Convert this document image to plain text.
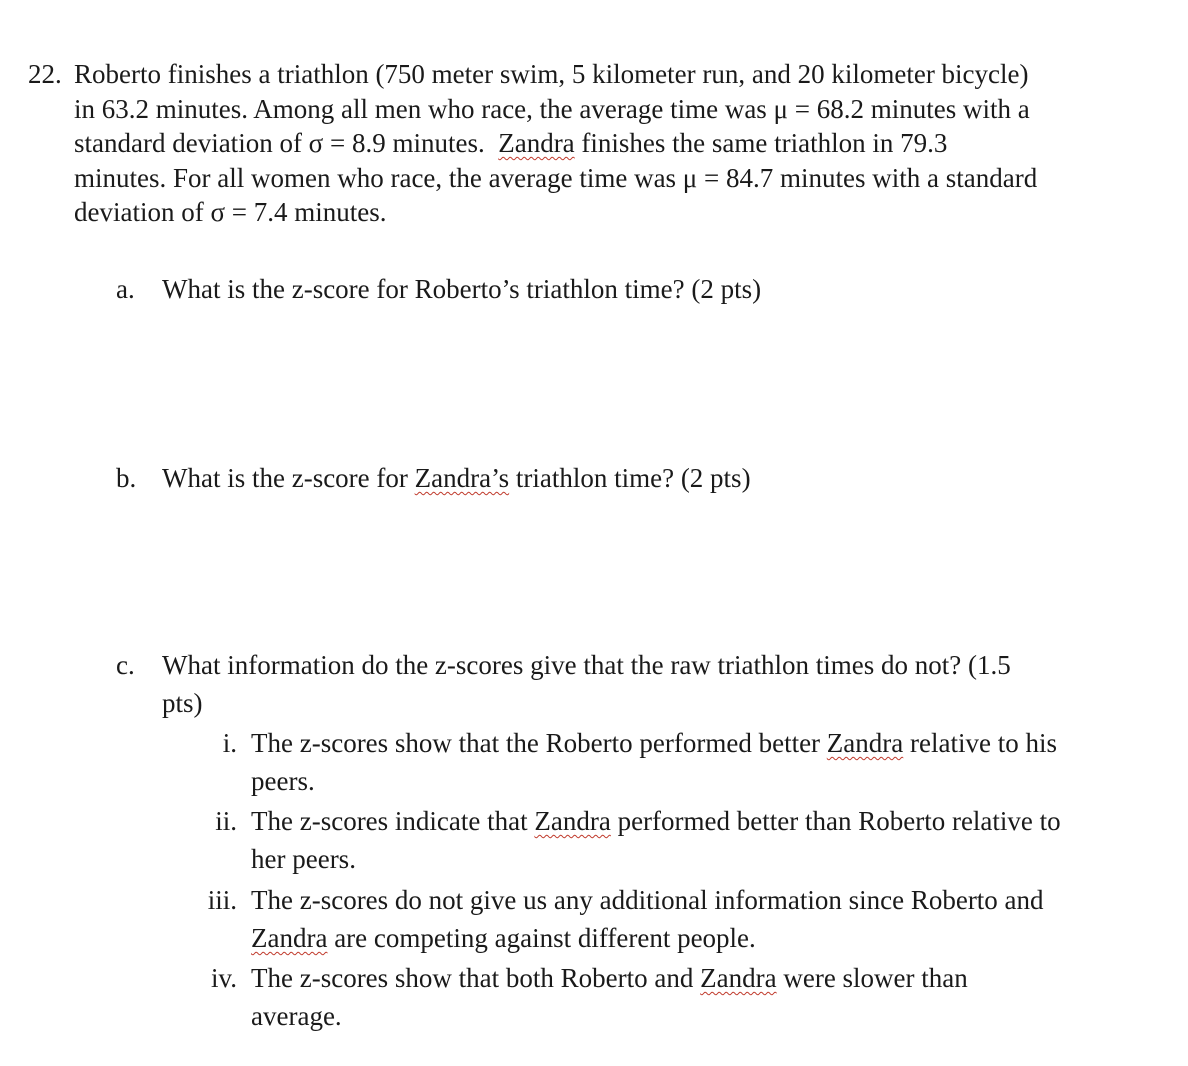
22. Roberto finishes a triathlon (750 meter swim, 5 kilometer run, and 20 kilometer bicycle)
in 63.2 minutes. Among all men who race, the average time was μ = 68.2 minutes with a
standard deviation of σ = 8.9 minutes. Zandra finishes the same triathlon in 79.3
minutes. For all women who race, the average time was μ = 84.7 minutes with a standard
deviation of σ = 7.4 minutes.
a. What is the z-score for Roberto’s triathlon time? (2 pts)
b. What is the z-score for Zandra’s triathlon time? (2 pts)
c. What information do the z-scores give that the raw triathlon times do not? (1.5
pts)
i. The z-scores show that the Roberto performed better Zandra relative to his
peers.
ii. The z-scores indicate that Zandra performed better than Roberto relative to
her peers.
iii. The z-scores do not give us any additional information since Roberto and
Zandra are competing against different people.
iv. The z-scores show that both Roberto and Zandra were slower than
average.
